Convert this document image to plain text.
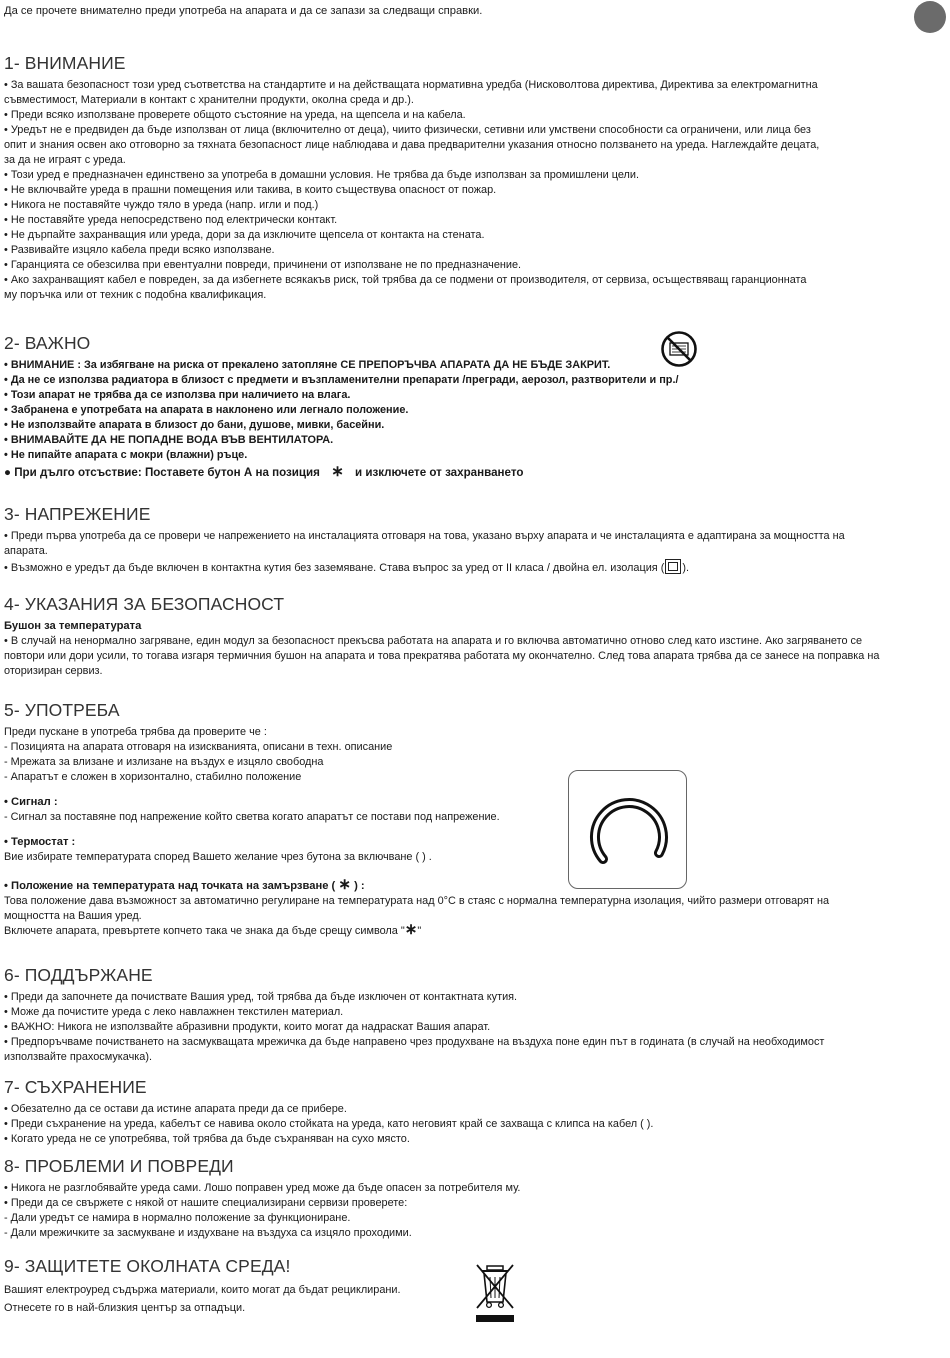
Да се прочете внимателно преди употреба на апарата и да се запази за следващи справки.
1- ВНИМАНИЕ

• За вашата безопасност този уред съответства на стандартите и на действащата нормативна уредба (Нисковолтова директива, Директива за електромагнитна

съвместимост, Материали в контакт с хранителни продукти, околна среда и др.).

• Преди всяко използване проверете общото състояние на уреда, на щепсела и на кабела.

• Уредът не е предвиден да бъде използван от лица (включително от деца), чиито физически, сетивни или умствени способности са ограничени, или лица без

опит и знания освен ако отговорно за тяхната безопасност лице наблюдава и дава предварителни указания относно ползването на уреда. Наглеждайте децата,

за да не играят с уреда.

• Този уред е предназначен единствено за употреба в домашни условия. Не трябва да бъде използван за промишлени цели.

• Не включвайте уреда в прашни помещения или такива, в които съществува опасност от пожар.

• Никога не поставяйте чуждо тяло в уреда (напр. игли и под.)

• Не поставяйте уреда непосредствено под електрически контакт.

• Не дърпайте захранващия или уреда, дори за да изключите щепсела от контакта на стената.

• Развивайте изцяло кабела преди всяко използване.

• Гаранцията се обезсилва при евентуални повреди, причинени от използване не по предназначение.

• Ако захранващият кабел е повреден, за да избегнете всякакъв риск, той трябва да се подмени от производителя, от сервиза, осъществяващ гаранционната

му поръчка или от техник с подобна квалификация.

2- ВАЖНО

• ВНИМАНИЕ : За избягване на риска от прекалено затопляне СЕ ПРЕПОРЪЧВА АПАРАТА ДА НЕ БЪДЕ ЗАКРИТ.

• Да не се използва радиатора в близост с предмети и възпламенителни препарати /прегради, аерозол, разтворители и пр./

• Този апарат не трябва да се използва при наличието на влага.

• Забранена е употребата на апарата в наклонено или легнало положение.

• Не използвайте апарата в близост до бани, душове, мивки, басейни.

• ВНИМАВАЙТЕ ДА НЕ ПОПАДНЕ ВОДА ВЪВ ВЕНТИЛАТОРА.

• Не пипайте апарата с мокри (влажни) ръце.

● При дълго отсъствие: Поставете бутон А на позиция ∗ и изключете от захранването

3- НАПРЕЖЕНИЕ

• Преди първа употреба да се провери че напрежението на инсталацията отговаря на това, указано върху апарата и че инсталацията е адаптирана за мощността на

апарата.

• Възможно е уредът да бъде включен в контактна кутия без заземяване. Става въпрос за уред от II класа / двойна ел. изолация ( ).

4- УКАЗАНИЯ ЗА БЕЗОПАСНОСТ

Бушон за температурата

• В случай на ненормално загряване, един модул за безопасност прекъсва работата на апарата и го включва автоматично отново след като изстине. Ако загряването се

повтори или дори усили, то тогава изгаря термичния бушон на апарата и това прекратява работата му окончателно. След това апарата трябва да се занесе на поправка на

оторизиран сервиз.

5- УПОТРЕБА

Преди пускане в употреба трябва да проверите че :

- Позицията на апарата отговаря на изискванията, описани в техн. описание

- Мрежата за влизане и излизане на въздух е изцяло свободна

- Апаратът е сложен в хоризонтално, стабилно положение

• Сигнал :

- Сигнал за поставяне под напрежение който светва когато апаратът се постави под напрежение.

• Термостат :

Вие избирате температурата според Вашето желание чрез бутона за включване ( ) .

• Положение на температурата над точката на замързване ( ∗ ) :

Това положение дава възможност за автоматично регулиране на температурата над 0°С в стаяс с нормална температурна изолация, чийто размери отговарят на

мощността на Вашия уред.

Включете апарата, превъртете копчето така че знака да бъде срещу символа "∗"

6- ПОДДЪРЖАНЕ

• Преди да започнете да почиствате Вашия уред, той трябва да бъде изключен от контактната кутия.

• Може да почистите уреда с леко навлажнен текстилен материал.

• ВАЖНО: Никога не използвайте абразивни продукти, които могат да надраскат Вашия апарат.

• Предпоръчваме почистването на засмукващата мрежичка да бъде направено чрез продухване на въздуха поне един път в годината (в случай на необходимост

използвайте прахосмукачка).

7- СЪХРАНЕНИЕ

• Обезателно да се остави да истине апарата преди да се прибере.

• Преди съхранение на уреда, кабелът се навива около стойката на уреда, като неговият край се захваща с клипса на кабел ( ).

• Когато уреда не се употребява, той трябва да бъде съхраняван на сухо място.

8- ПРОБЛЕМИ И ПОВРЕДИ

• Никога не разглобявайте уреда сами. Лошо поправен уред може да бъде опасен за потребителя му.

• Преди да се свържете с някой от нашите специализирани сервизи проверете:

- Дали уредът се намира в нормално положение за функциониране.

- Дали мрежичките за засмукване и издухване на въздуха са изцяло проходими.

9- ЗАЩИТЕТЕ ОКОЛНАТА СРЕДА!

Вашият електроуред съдържа материали, които могат да бъдат рециклирани.

Отнесете го в най-близкия център за отпадъци.
